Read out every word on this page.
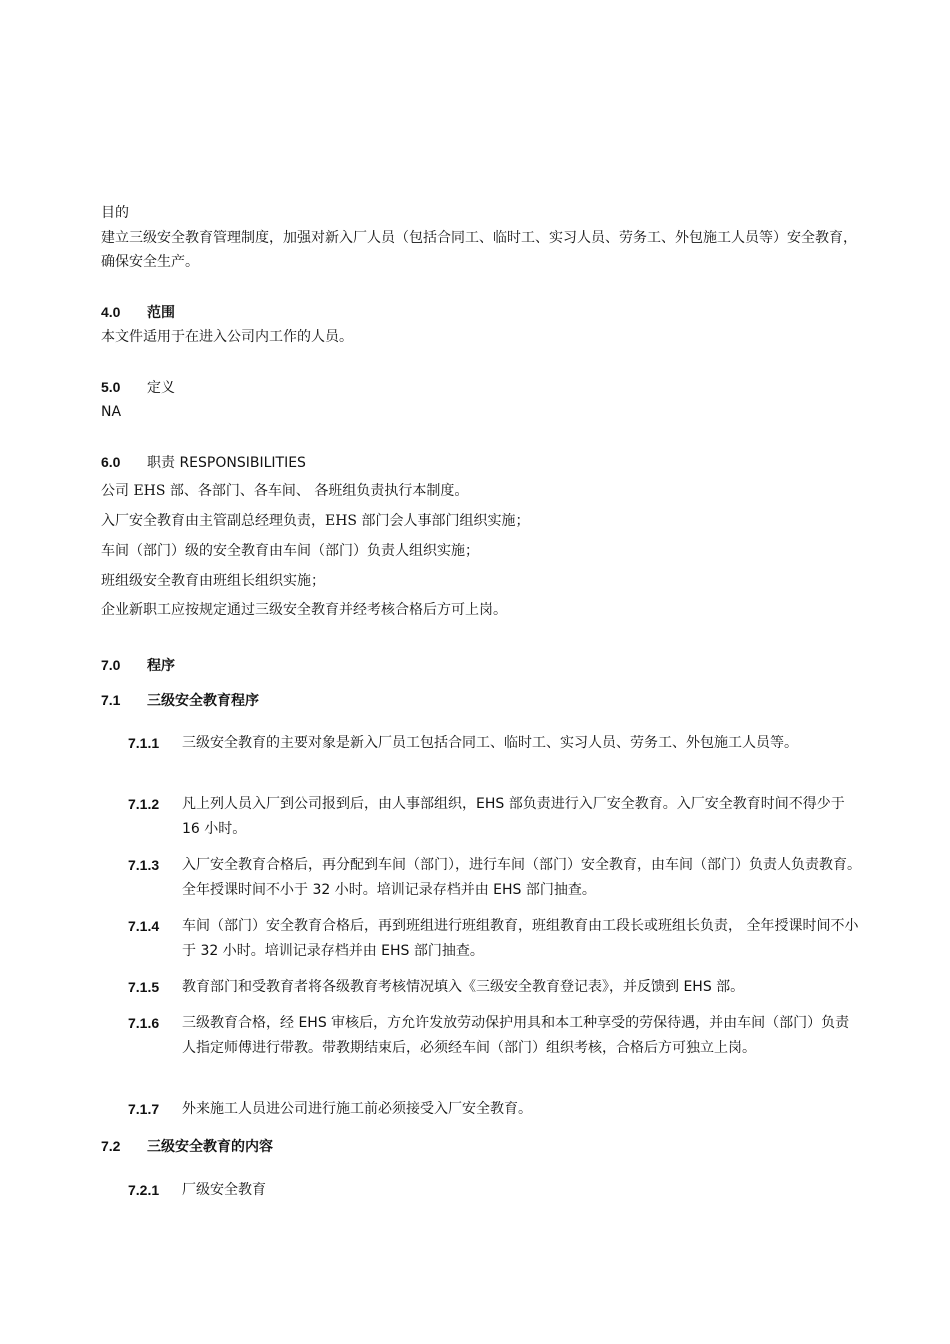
目的
建立三级安全教育管理制度，加强对新入厂人员（包括合同工、临时工、实习人员、劳务工、外包施工人员等）安全教育，确保安全生产。
4.0	范围
本文件适用于在进入公司内工作的人员。
5.0	定义
NA
6.0	职责 RESPONSIBILITIES

公司 EHS 部、各部门、各车间、 各班组负责执行本制度。

入厂安全教育由主管副总经理负责，EHS 部门会人事部门组织实施；

车间（部门）级的安全教育由车间（部门）负责人组织实施；

班组级安全教育由班组长组织实施；

企业新职工应按规定通过三级安全教育并经考核合格后方可上岗。

7.0	程序
7.1	三级安全教育程序
7.1.1	三级安全教育的主要对象是新入厂员工包括合同工、临时工、实习人员、劳务工、外包施工人员等。
7.1.2	凡上列人员入厂到公司报到后，由人事部组织，EHS 部负责进行入厂安全教育。入厂安全教育时间不得少于 16 小时。
7.1.3	入厂安全教育合格后，再分配到车间（部门），进行车间（部门）安全教育，由车间（部门）负责人负责教育。全年授课时间不小于 32 小时。培训记录存档并由 EHS 部门抽查。
7.1.4	车间（部门）安全教育合格后，再到班组进行班组教育，班组教育由工段长或班组长负责， 全年授课时间不小于 32 小时。培训记录存档并由 EHS 部门抽查。
7.1.5	教育部门和受教育者将各级教育考核情况填入《三级安全教育登记表》，并反馈到 EHS 部。
7.1.6	三级教育合格，经 EHS 审核后，方允许发放劳动保护用具和本工种享受的劳保待遇，并由车间（部门）负责人指定师傅进行带教。带教期结束后，必须经车间（部门）组织考核，合格后方可独立上岗。
7.1.7	外来施工人员进公司进行施工前必须接受入厂安全教育。
7.2	三级安全教育的内容
7.2.1	厂级安全教育
